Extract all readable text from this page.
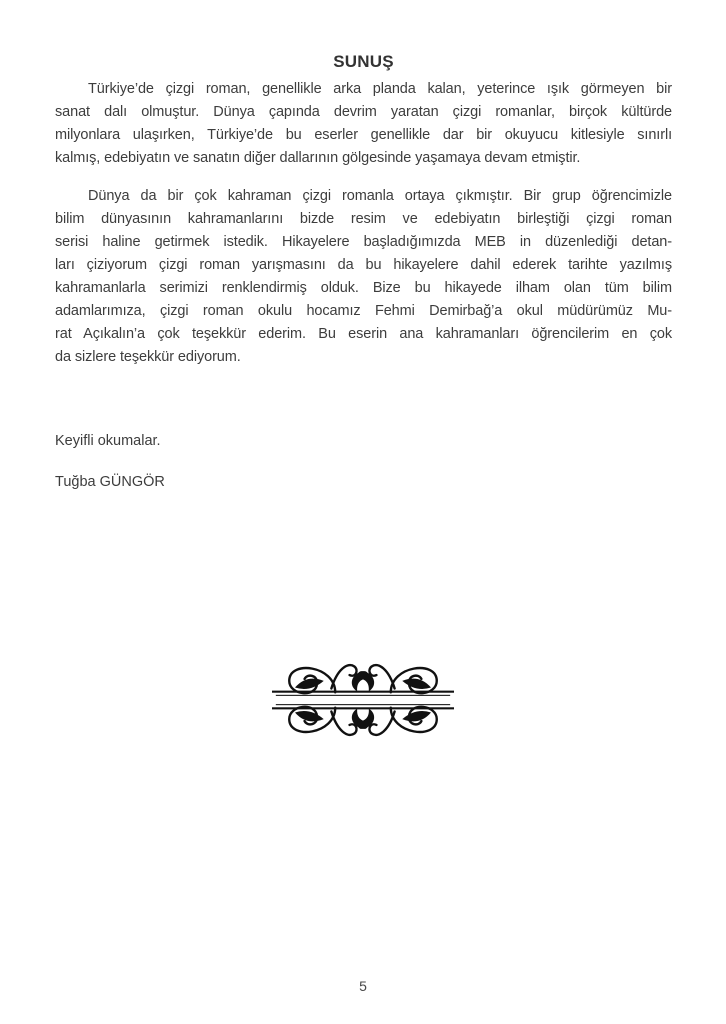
SUNUŞ
Türkiye’de çizgi roman, genellikle arka planda kalan, yeterince ışık görmeyen bir
sanat dalı olmuştur. Dünya çapında devrim yaratan çizgi romanlar, birçok kültürde
milyonlara ulaşırken, Türkiye’de bu eserler genellikle dar bir okuyucu kitlesiyle sınırlı
kalmış, edebiyatın ve sanatın diğer dallarının gölgesinde yaşamaya devam etmiştir.
Dünya da bir çok kahraman çizgi romanla ortaya çıkmıştır. Bir grup öğrencimizle
bilim dünyasının kahramanlarını bizde resim ve edebiyatın birleştiği çizgi roman
serisi haline getirmek istedik. Hikayelere başladığımızda MEB in düzenlediği detan-
ları çiziyorum çizgi roman yarışmasını da bu hikayelere dahil ederek tarihte yazılmış
kahramanlarla serimizi renklendirmiş olduk. Bize bu hikayede ilham olan tüm bilim
adamlarımıza, çizgi roman okulu hocamız Fehmi Demirbağ’a okul müdürümüz Mu-
rat Açıkalın’a çok teşekkür ederim. Bu eserin ana kahramanları öğrencilerim en çok
da sizlere teşekkür ediyorum.
Keyifli okumalar.
Tuğba GÜNGÖR
5
